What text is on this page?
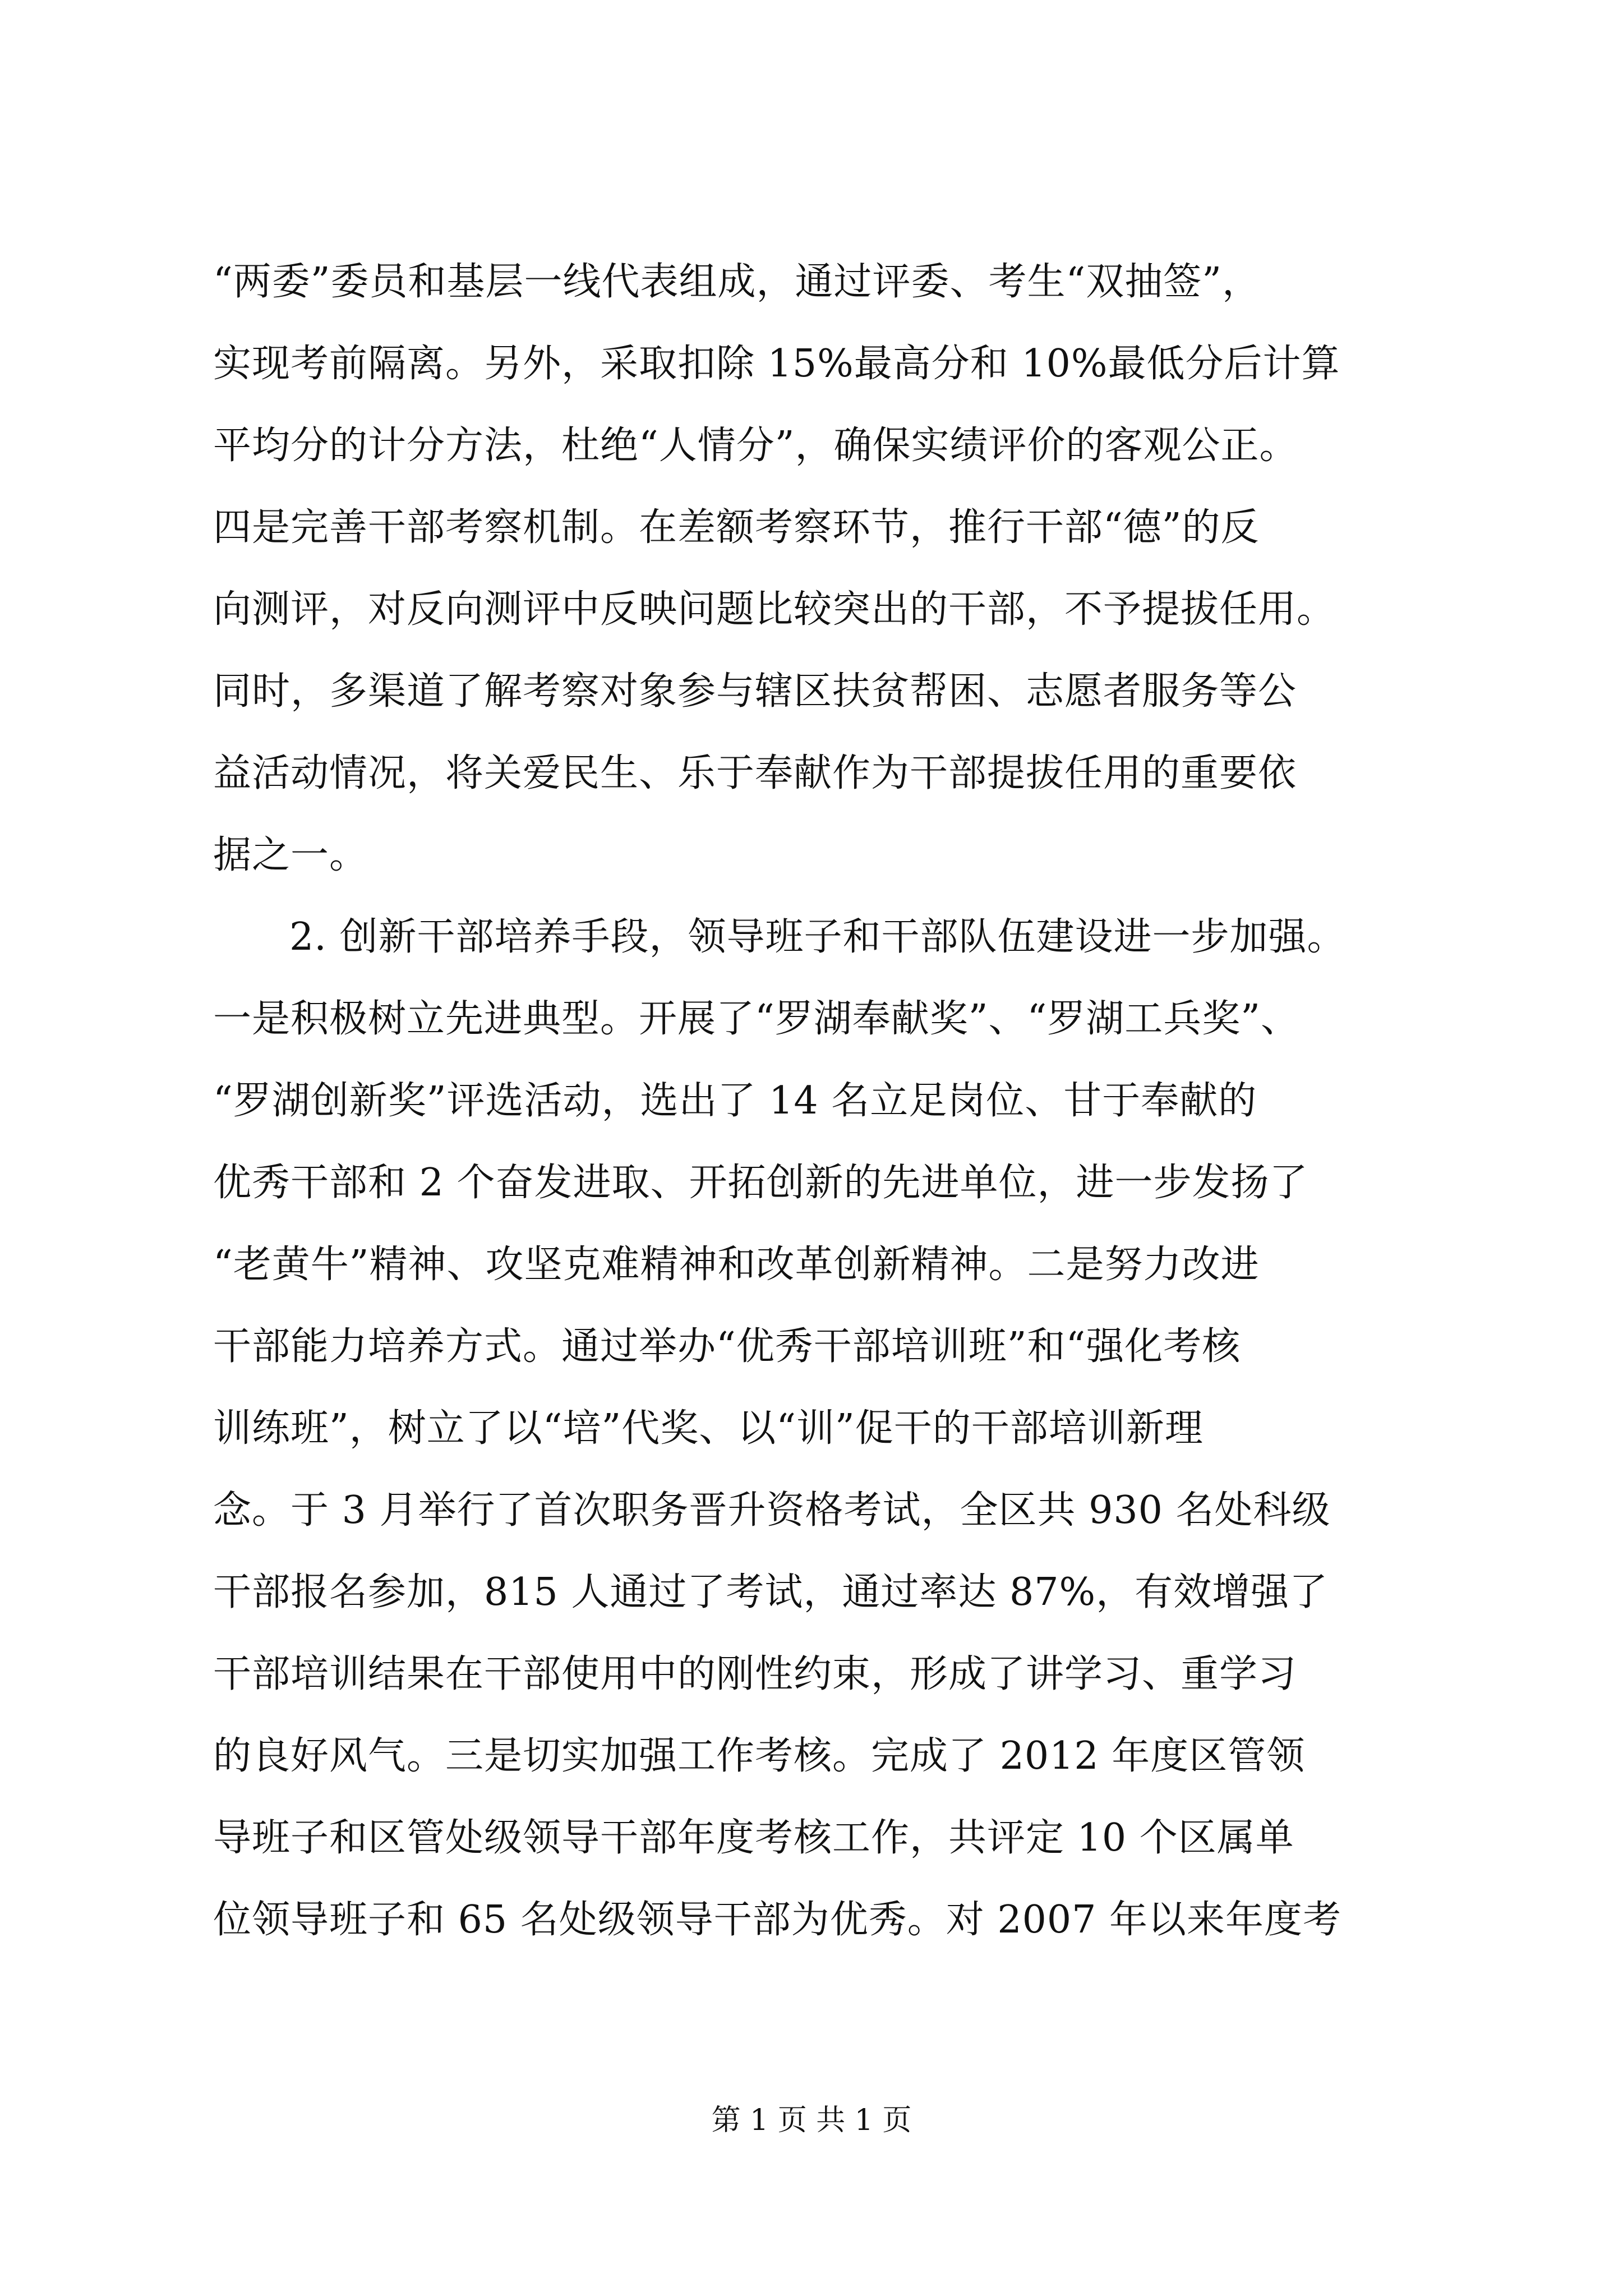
“两委”委员和基层一线代表组成，通过评委、考生“双抽签”，
实现考前隔离。另外，采取扣除 15%最高分和 10%最低分后计算
平均分的计分方法，杜绝“人情分”，确保实绩评价的客观公正。
四是完善干部考察机制。在差额考察环节，推行干部“德”的反
向测评，对反向测评中反映问题比较突出的干部，不予提拔任用。
同时，多渠道了解考察对象参与辖区扶贫帮困、志愿者服务等公
益活动情况，将关爱民生、乐于奉献作为干部提拔任用的重要依
据之一。
2. 创新干部培养手段，领导班子和干部队伍建设进一步加强。
一是积极树立先进典型。开展了“罗湖奉献奖”、“罗湖工兵奖”、
“罗湖创新奖”评选活动，选出了 14 名立足岗位、甘于奉献的
优秀干部和 2 个奋发进取、开拓创新的先进单位，进一步发扬了
“老黄牛”精神、攻坚克难精神和改革创新精神。二是努力改进
干部能力培养方式。通过举办“优秀干部培训班”和“强化考核
训练班”，树立了以“培”代奖、以“训”促干的干部培训新理
念。于 3 月举行了首次职务晋升资格考试，全区共 930 名处科级
干部报名参加，815 人通过了考试，通过率达 87%，有效增强了
干部培训结果在干部使用中的刚性约束，形成了讲学习、重学习
的良好风气。三是切实加强工作考核。完成了 2012 年度区管领
导班子和区管处级领导干部年度考核工作，共评定 10 个区属单
位领导班子和 65 名处级领导干部为优秀。对 2007 年以来年度考
第 1 页 共 1 页
